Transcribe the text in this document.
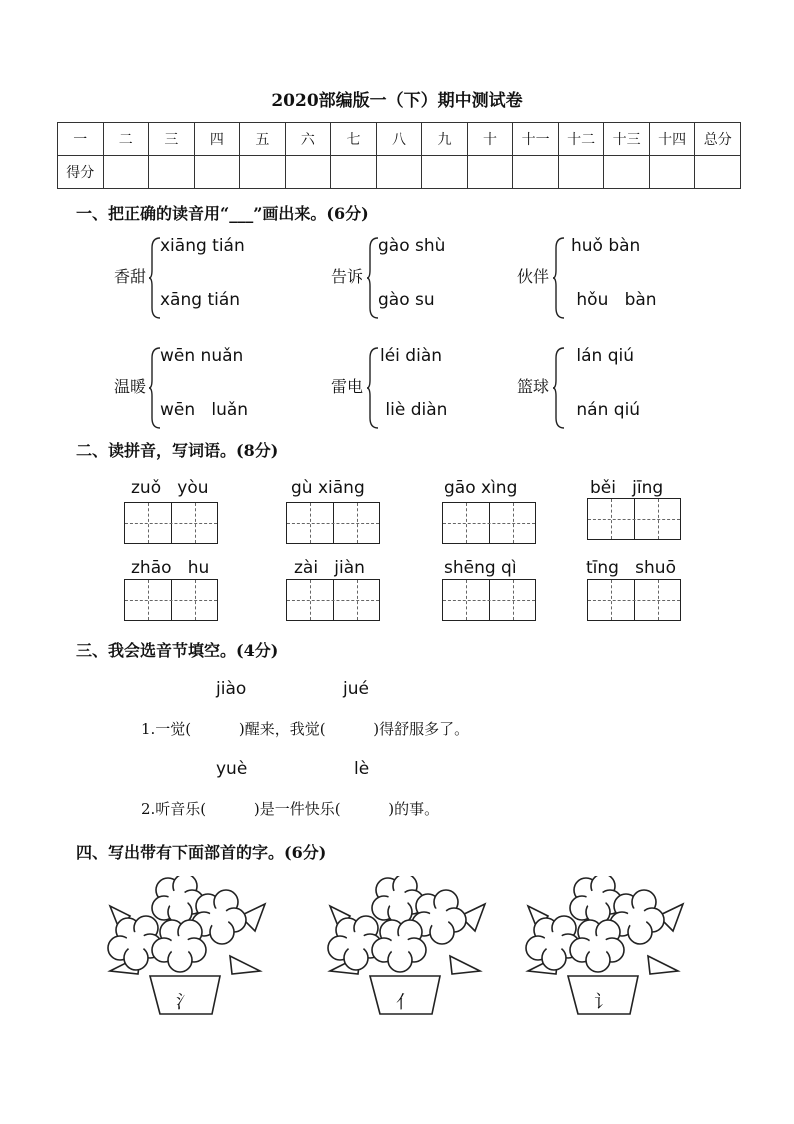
2020部编版一（下）期中测试卷
一	二	三	四	五	六	七	八	九	十	十一	十二	十三	十四	总分
得分														
一、把正确的读音用“___”画出来。(6分)
香甜
xiāng tián
xāng tián
告诉
gào shù
gào su
伙伴
huǒ bàn
hǒu   bàn
温暖
wēn nuǎn
wēn   luǎn
雷电
léi diàn
liè diàn
篮球
lán qiú
nán qiú
二、读拼音，写词语。(8分)
zuǒ   yòu	gù xiāng	gāo xìng	běi   jīng
zhāo   hu	zài   jiàn	shēng qì	tīng   shuō
三、我会选音节填空。(4分)
jiào	jué
1.一觉(          )醒来，我觉(          )得舒服多了。
yuè	lè
2.听音乐(          )是一件快乐(          )的事。
四、写出带有下面部首的字。(6分)
氵	亻	讠
